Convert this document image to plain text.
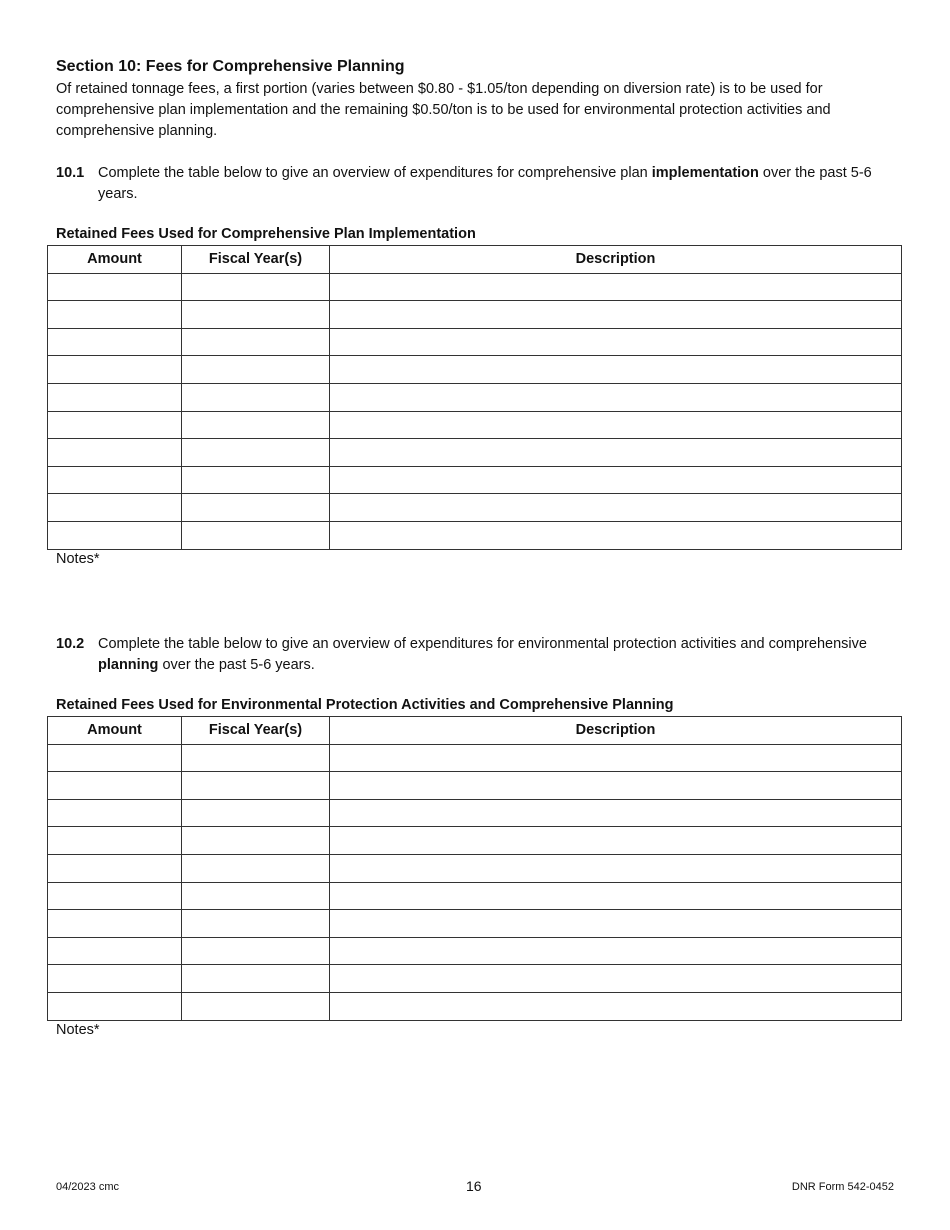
Section 10: Fees for Comprehensive Planning
Of retained tonnage fees, a first portion (varies between $0.80 - $1.05/ton depending on diversion rate) is to be used for comprehensive plan implementation and the remaining $0.50/ton is to be used for environmental protection activities and comprehensive planning.
10.1 Complete the table below to give an overview of expenditures for comprehensive plan implementation over the past 5-6 years.
Retained Fees Used for Comprehensive Plan Implementation
Amount	Fiscal Year(s)	Description

Notes*
10.2 Complete the table below to give an overview of expenditures for environmental protection activities and comprehensive planning over the past 5-6 years.
Retained Fees Used for Environmental Protection Activities and Comprehensive Planning
Amount	Fiscal Year(s)	Description

Notes*
04/2023 cmc	16	DNR Form 542-0452
